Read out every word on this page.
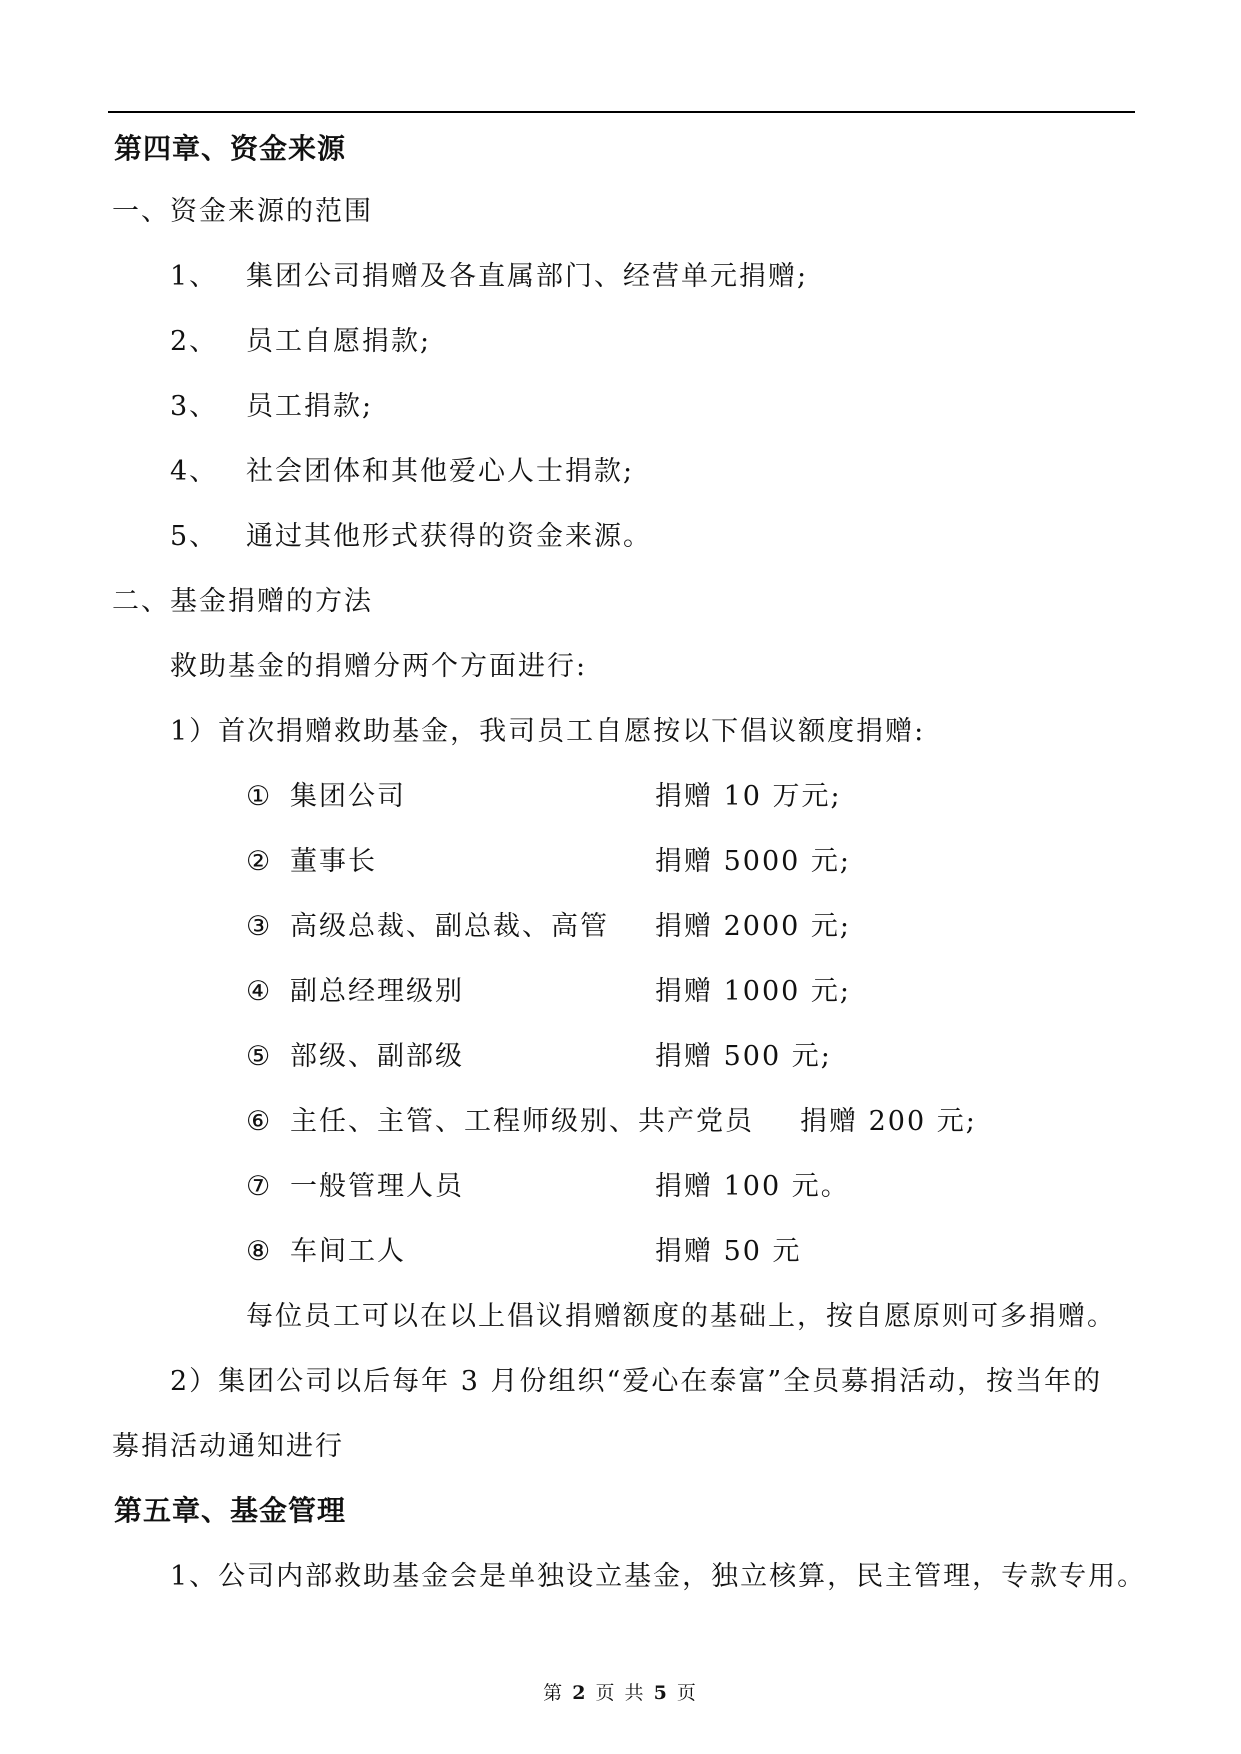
第四章、资金来源
一、资金来源的范围
1、 集团公司捐赠及各直属部门、经营单元捐赠;
2、 员工自愿捐款;
3、 员工捐款;
4、 社会团体和其他爱心人士捐款;
5、 通过其他形式获得的资金来源。
二、基金捐赠的方法
救助基金的捐赠分两个方面进行:
1）首次捐赠救助基金，我司员工自愿按以下倡议额度捐赠:
① 集团公司	捐赠 10 万元;
② 董事长	捐赠 5000 元;
③ 高级总裁、副总裁、高管 捐赠 2000 元;
④ 副总经理级别	捐赠 1000 元;
⑤ 部级、副部级	捐赠 500 元;
⑥ 主任、主管、工程师级别、共产党员 捐赠 200 元;
⑦ 一般管理人员	捐赠 100 元。
⑧ 车间工人	捐赠 50 元
每位员工可以在以上倡议捐赠额度的基础上，按自愿原则可多捐赠。
2）集团公司以后每年 3 月份组织“爱心在泰富”全员募捐活动，按当年的
募捐活动通知进行
第五章、基金管理
1、公司内部救助基金会是单独设立基金，独立核算，民主管理，专款专用。
第 2 页 共 5 页
